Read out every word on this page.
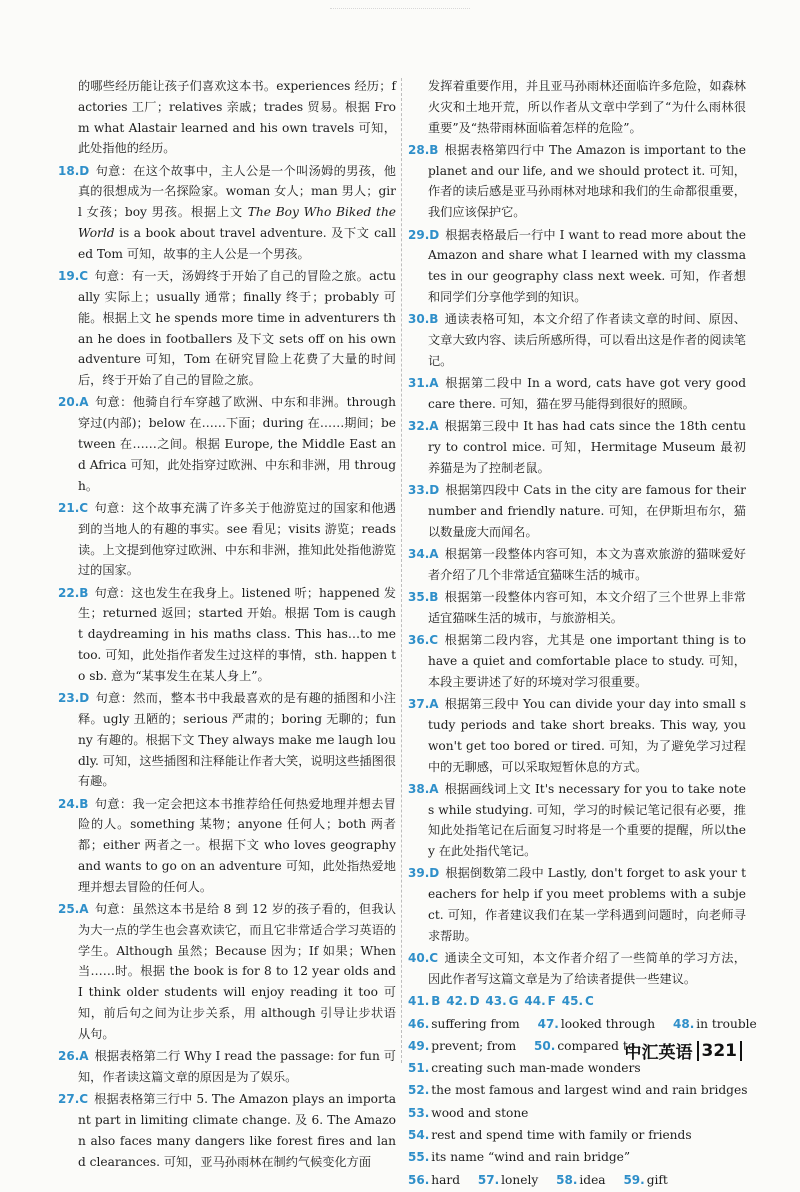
的哪些经历能让孩子们喜欢这本书。experiences 经历；factories 工厂；relatives 亲戚；trades 贸易。根据 From what Alastair learned and his own travels 可知，此处指他的经历。

18.D 句意：在这个故事中，主人公是一个叫汤姆的男孩，他真的很想成为一名探险家。woman 女人；man 男人；girl 女孩；boy 男孩。根据上文 The Boy Who Biked the World is a book about travel adventure. 及下文 called Tom 可知，故事的主人公是一个男孩。

19.C 句意：有一天，汤姆终于开始了自己的冒险之旅。actually 实际上；usually 通常；finally 终于；probably 可能。根据上文 he spends more time in adventurers than he does in footballers 及下文 sets off on his own adventure 可知，Tom 在研究冒险上花费了大量的时间后，终于开始了自己的冒险之旅。

20.A 句意：他骑自行车穿越了欧洲、中东和非洲。through 穿过(内部)；below 在……下面；during 在……期间；between 在……之间。根据 Europe, the Middle East and Africa 可知，此处指穿过欧洲、中东和非洲，用 through。

21.C 句意：这个故事充满了许多关于他游览过的国家和他遇到的当地人的有趣的事实。see 看见；visits 游览；reads 读。上文提到他穿过欧洲、中东和非洲，推知此处指他游览过的国家。

22.B 句意：这也发生在我身上。listened 听；happened 发生；returned 返回；started 开始。根据 Tom is caught daydreaming in his maths class. This has…to me too. 可知，此处指作者发生过这样的事情，sth. happen to sb. 意为“某事发生在某人身上”。

23.D 句意：然而，整本书中我最喜欢的是有趣的插图和小注释。ugly 丑陋的；serious 严肃的；boring 无聊的；funny 有趣的。根据下文 They always make me laugh loudly. 可知，这些插图和注释能让作者大笑，说明这些插图很有趣。

24.B 句意：我一定会把这本书推荐给任何热爱地理并想去冒险的人。something 某物；anyone 任何人；both 两者都；either 两者之一。根据下文 who loves geography and wants to go on an adventure 可知，此处指热爱地理并想去冒险的任何人。

25.A 句意：虽然这本书是给 8 到 12 岁的孩子看的，但我认为大一点的学生也会喜欢读它，而且它非常适合学习英语的学生。Although 虽然；Because 因为；If 如果；When 当……时。根据 the book is for 8 to 12 year olds and I think older students will enjoy reading it too 可知，前后句之间为让步关系，用 although 引导让步状语从句。

26.A 根据表格第二行 Why I read the passage: for fun 可知，作者读这篇文章的原因是为了娱乐。

27.C 根据表格第三行中 5. The Amazon plays an important part in limiting climate change. 及 6. The Amazon also faces many dangers like forest fires and land clearances. 可知，亚马孙雨林在制约气候变化方面

发挥着重要作用，并且亚马孙雨林还面临许多危险，如森林火灾和土地开荒，所以作者从文章中学到了“为什么雨林很重要”及“热带雨林面临着怎样的危险”。

28.B 根据表格第四行中 The Amazon is important to the planet and our life, and we should protect it. 可知，作者的读后感是亚马孙雨林对地球和我们的生命都很重要，我们应该保护它。

29.D 根据表格最后一行中 I want to read more about the Amazon and share what I learned with my classmates in our geography class next week. 可知，作者想和同学们分享他学到的知识。

30.B 通读表格可知，本文介绍了作者读文章的时间、原因、文章大致内容、读后所感所得，可以看出这是作者的阅读笔记。

31.A 根据第二段中 In a word, cats have got very good care there. 可知，猫在罗马能得到很好的照顾。

32.A 根据第三段中 It has had cats since the 18th century to control mice. 可知，Hermitage Museum 最初养猫是为了控制老鼠。

33.D 根据第四段中 Cats in the city are famous for their number and friendly nature. 可知，在伊斯坦布尔，猫以数量庞大而闻名。

34.A 根据第一段整体内容可知，本文为喜欢旅游的猫咪爱好者介绍了几个非常适宜猫咪生活的城市。

35.B 根据第一段整体内容可知，本文介绍了三个世界上非常适宜猫咪生活的城市，与旅游相关。

36.C 根据第二段内容，尤其是 one important thing is to have a quiet and comfortable place to study. 可知，本段主要讲述了好的环境对学习很重要。

37.A 根据第三段中 You can divide your day into small study periods and take short breaks. This way, you won't get too bored or tired. 可知，为了避免学习过程中的无聊感，可以采取短暂休息的方式。

38.A 根据画线词上文 It's necessary for you to take notes while studying. 可知，学习的时候记笔记很有必要，推知此处指笔记在后面复习时将是一个重要的提醒，所以they 在此处指代笔记。

39.D 根据倒数第二段中 Lastly, don't forget to ask your teachers for help if you meet problems with a subject. 可知，作者建议我们在某一学科遇到问题时，向老师寻求帮助。

40.C 通读全文可知，本文作者介绍了一些简单的学习方法，因此作者写这篇文章是为了给读者提供一些建议。

41. B 42. D 43. G 44. F 45. C

46. suffering from 47. looked through 48. in trouble

49. prevent; from 50. compared to

51. creating such man-made wonders

52. the most famous and largest wind and rain bridges

53. wood and stone

54. rest and spend time with family or friends

55. its name “wind and rain bridge”

56. hard 57. lonely 58. idea 59. gift

中汇英语 321
